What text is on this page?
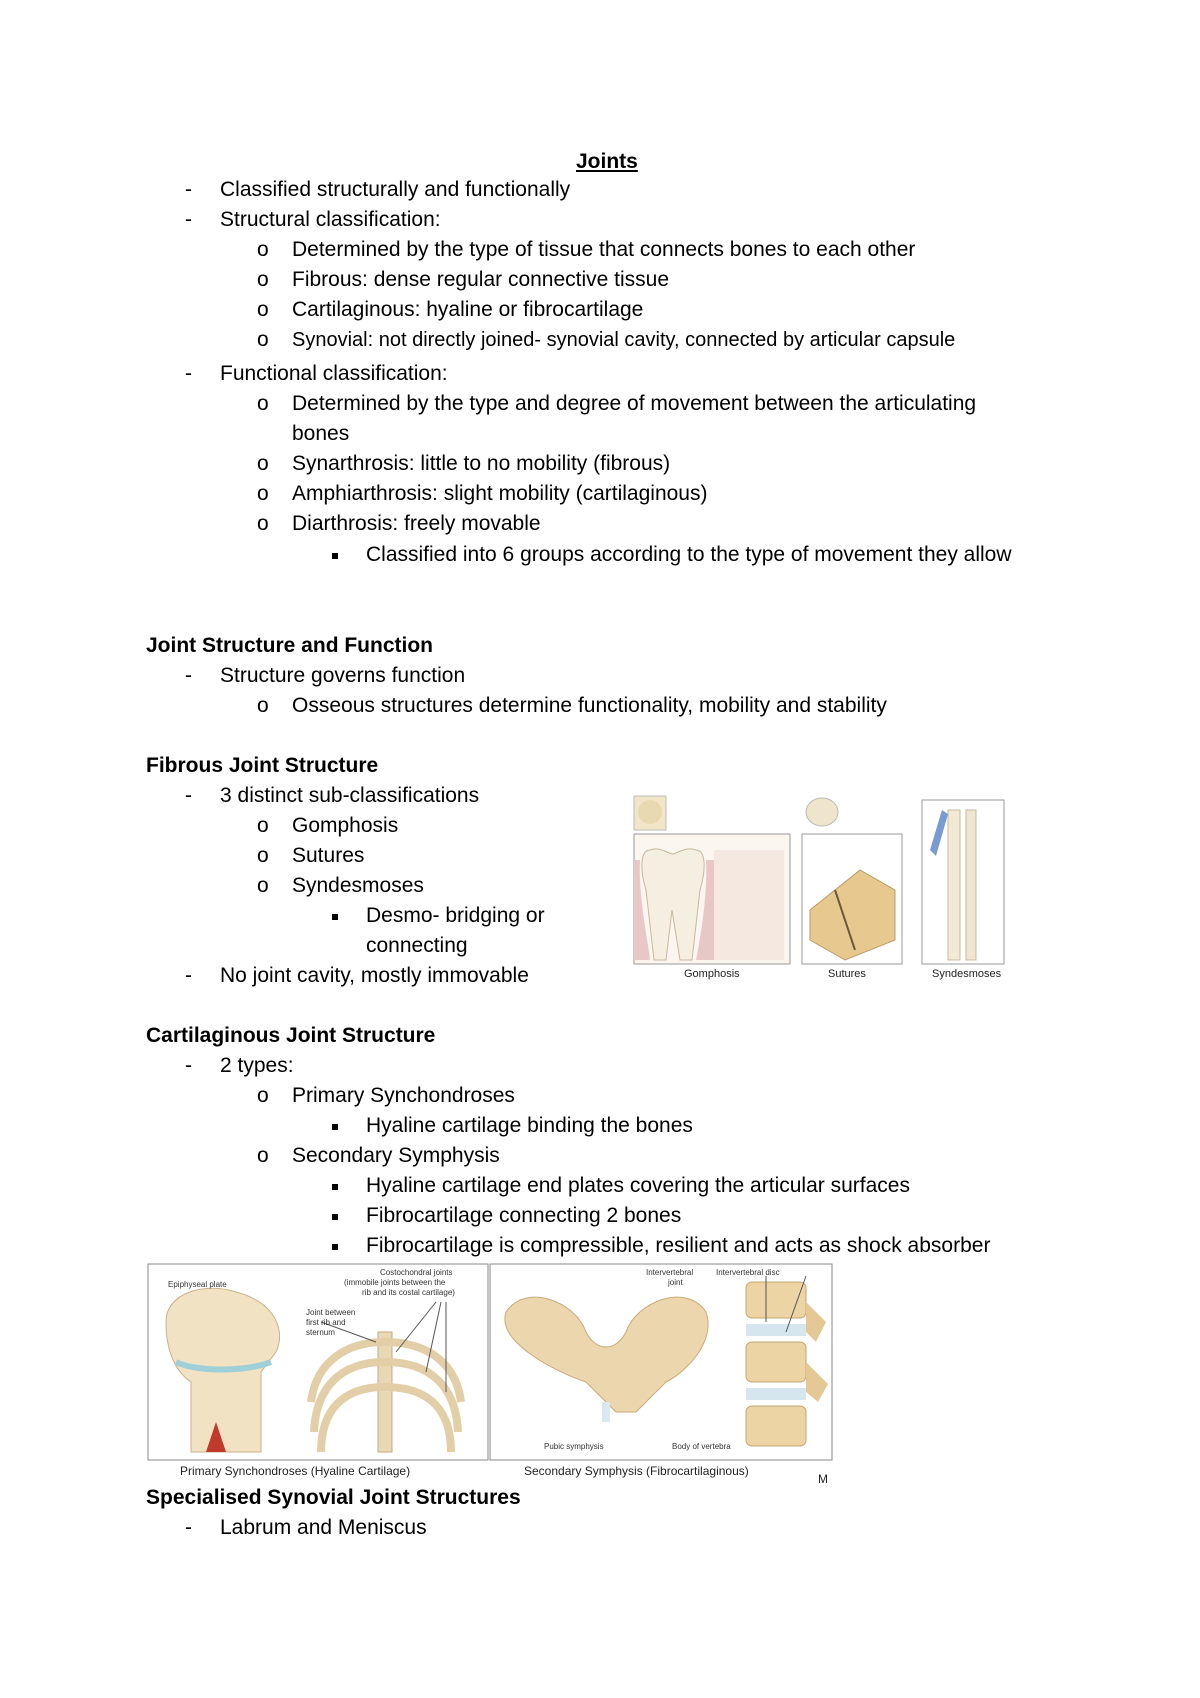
Joints
- Classified structurally and functionally
- Structural classification:
o Determined by the type of tissue that connects bones to each other
o Fibrous: dense regular connective tissue
o Cartilaginous: hyaline or fibrocartilage
o Synovial: not directly joined- synovial cavity, connected by articular capsule
- Functional classification:
o Determined by the type and degree of movement between the articulating
bones
o Synarthrosis: little to no mobility (fibrous)
o Amphiarthrosis: slight mobility (cartilaginous)
o Diarthrosis: freely movable
Classified into 6 groups according to the type of movement they allow
Joint Structure and Function
- Structure governs function
o Osseous structures determine functionality, mobility and stability
Fibrous Joint Structure
- 3 distinct sub-classifications
o Gomphosis
o Sutures
o Syndesmoses
Desmo- bridging or
connecting
- No joint cavity, mostly immovable	Gomphosis	Sutures	Syndesmoses
Cartilaginous Joint Structure
- 2 types:
o Primary Synchondroses
Hyaline cartilage binding the bones
o Secondary Symphysis
Hyaline cartilage end plates covering the articular surfaces
Fibrocartilage connecting 2 bones
Fibrocartilage is compressible, resilient and acts as shock absorber
Epiphyseal plate
Costochondral joints
(immobile joints between the
rib and its costal cartilage)
Joint between
first rib and
sternum
Intervertebral
joint
Intervertebral disc
Pubic symphysis	Body of vertebra
Primary Synchondroses (Hyaline Cartilage)	Secondary Symphysis (Fibrocartilaginous)
M
Specialised Synovial Joint Structures
- Labrum and Meniscus
